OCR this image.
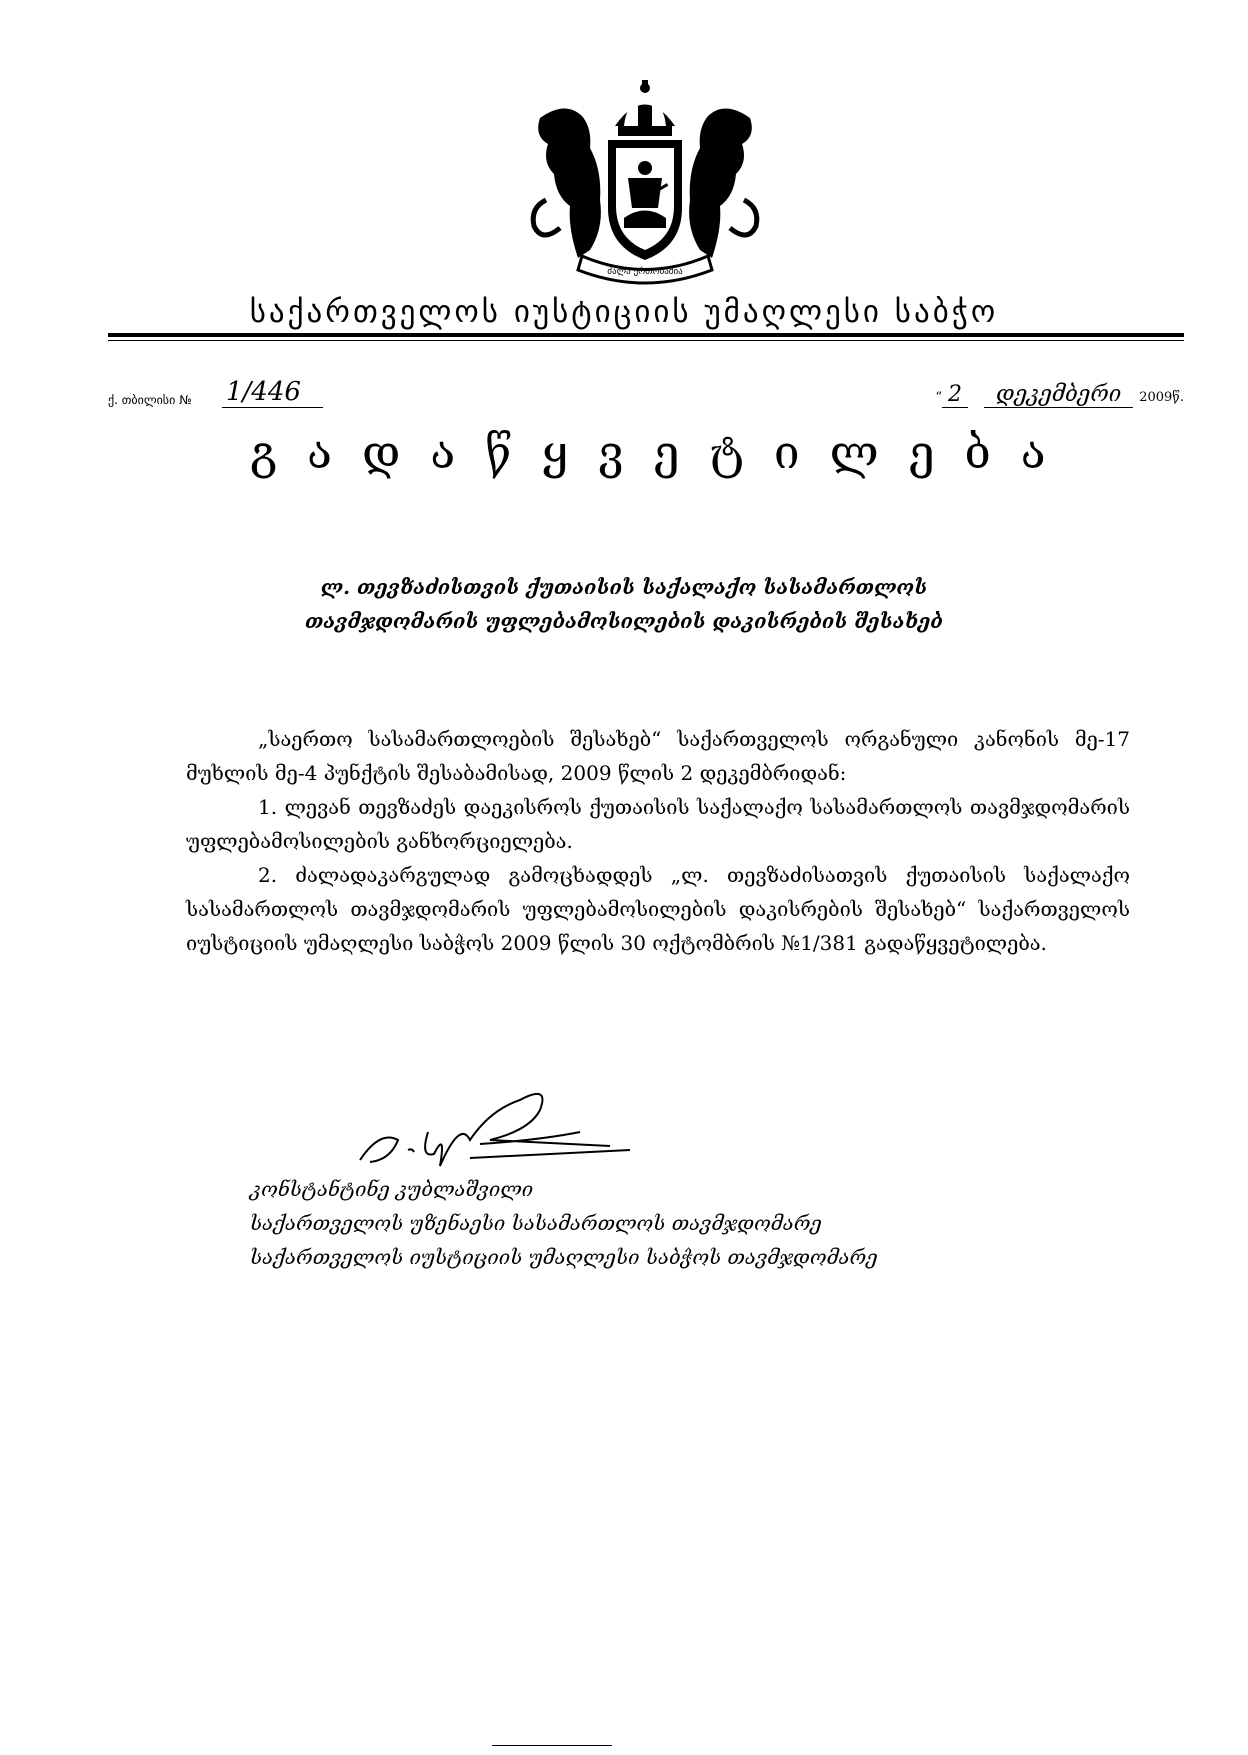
ძალა ერთობაშია
საქართველოს იუსტიციის უმაღლესი საბჭო
ქ. თბილისი № 1/446	“ 2	დეკემბერი	2009წ.
გადაწყვეტილება
ლ. თევზაძისთვის ქუთაისის საქალაქო სასამართლოს
თავმჯდომარის უფლებამოსილების დაკისრების შესახებ

„საერთო სასამართლოების შესახებ“ საქართველოს ორგანული კანონის მე-17 მუხლის მე-4 პუნქტის შესაბამისად, 2009 წლის 2 დეკემბრიდან:

1. ლევან თევზაძეს დაეკისროს ქუთაისის საქალაქო სასამართლოს თავმჯდომარის უფლებამოსილების განხორციელება.

2. ძალადაკარგულად გამოცხადდეს „ლ. თევზაძისათვის ქუთაისის საქალაქო სასამართლოს თავმჯდომარის უფლებამოსილების დაკისრების შესახებ“ საქართველოს იუსტიციის უმაღლესი საბჭოს 2009 წლის 30 ოქტომბრის №1/381 გადაწყვეტილება.

კონსტანტინე კუბლაშვილი
საქართველოს უზენაესი სასამართლოს თავმჯდომარე
საქართველოს იუსტიციის უმაღლესი საბჭოს თავმჯდომარე
